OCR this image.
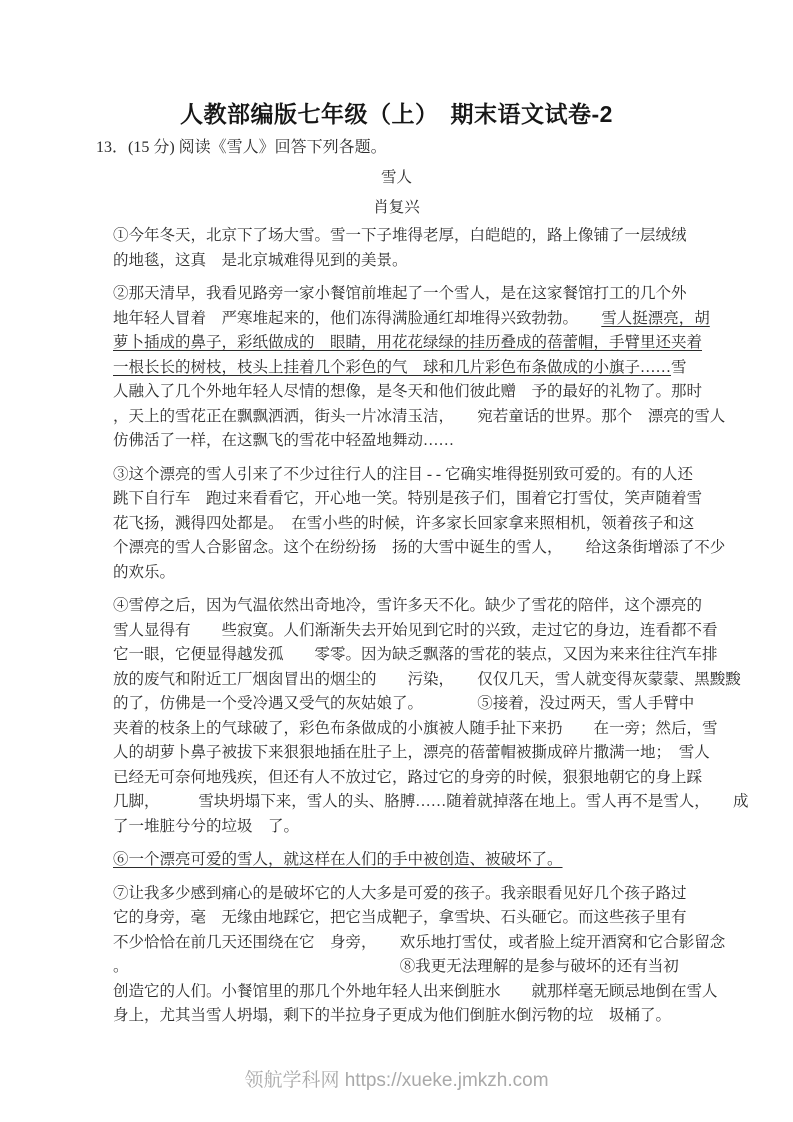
人教部编版七年级（上）　期末语文试卷-2
13．(15 分) 阅读《雪人》回答下列各题。
雪人
肖复兴
①今年冬天，北京下了场大雪。雪一下子堆得老厚，白皑皑的，路上像铺了一层绒绒
的地毯，这真　是北京城难得见到的美景。
②那天清早，我看见路旁一家小餐馆前堆起了一个雪人，是在这家餐馆打工的几个外
地年轻人冒着　严寒堆起来的，他们冻得满脸通红却堆得兴致勃勃。　　雪人挺漂亮，胡
萝卜插成的鼻子，彩纸做成的　眼睛，用花花绿绿的挂历叠成的蓓蕾帽，手臂里还夹着
一根长长的树枝，枝头上挂着几个彩色的气　球和几片彩色布条做成的小旗子……雪
人融入了几个外地年轻人尽情的想像，是冬天和他们彼此赠　予的最好的礼物了。那时
，天上的雪花正在飘飘洒洒，街头一片冰清玉洁，　　宛若童话的世界。那个　漂亮的雪人
仿佛活了一样，在这飘飞的雪花中轻盈地舞动……
③这个漂亮的雪人引来了不少过往行人的注目 - - 它确实堆得挺别致可爱的。有的人还
跳下自行车　跑过来看看它，开心地一笑。特别是孩子们，围着它打雪仗，笑声随着雪
花飞扬，溅得四处都是。　在雪小些的时候，许多家长回家拿来照相机，领着孩子和这
个漂亮的雪人合影留念。这个在纷纷扬　扬的大雪中诞生的雪人，　　给这条街增添了不少
的欢乐。
④雪停之后，因为气温依然出奇地冷，雪许多天不化。缺少了雪花的陪伴，这个漂亮的
雪人显得有　　些寂寞。人们渐渐失去开始见到它时的兴致，走过它的身边，连看都不看
它一眼，它便显得越发孤　　零零。因为缺乏飘落的雪花的装点，又因为来来往往汽车排
放的废气和附近工厂烟囱冒出的烟尘的　　污染，　　仅仅几天，雪人就变得灰蒙蒙、黑黢黢
的了，仿佛是一个受冷遇又受气的灰姑娘了。　　　　⑤接着，没过两天，雪人手臂中
夹着的枝条上的气球破了，彩色布条做成的小旗被人随手扯下来扔　　在一旁；然后，雪
人的胡萝卜鼻子被拔下来狠狠地插在肚子上，漂亮的蓓蕾帽被撕成碎片撒满一地；　雪人
已经无可奈何地残疾，但还有人不放过它，路过它的身旁的时候，狠狠地朝它的身上踩
几脚，　　　雪块坍塌下来，雪人的头、胳膊……随着就掉落在地上。雪人再不是雪人，　　成
了一堆脏兮兮的垃圾　了。
⑥一个漂亮可爱的雪人，就这样在人们的手中被创造、被破坏了。
⑦让我多少感到痛心的是破坏它的人大多是可爱的孩子。我亲眼看见好几个孩子路过
它的身旁，毫　无缘由地踩它，把它当成靶子，拿雪块、石头砸它。而这些孩子里有
不少恰恰在前几天还围绕在它　身旁，　　欢乐地打雪仗，或者脸上绽开酒窝和它合影留念
。　　　　　　　　　　　　　　　　　　⑧我更无法理解的是参与破坏的还有当初
创造它的人们。小餐馆里的那几个外地年轻人出来倒脏水　　就那样毫无顾忌地倒在雪人
身上，尤其当雪人坍塌，剩下的半拉身子更成为他们倒脏水倒污物的垃　圾桶了。
领航学科网 https://xueke.jmkzh.com
